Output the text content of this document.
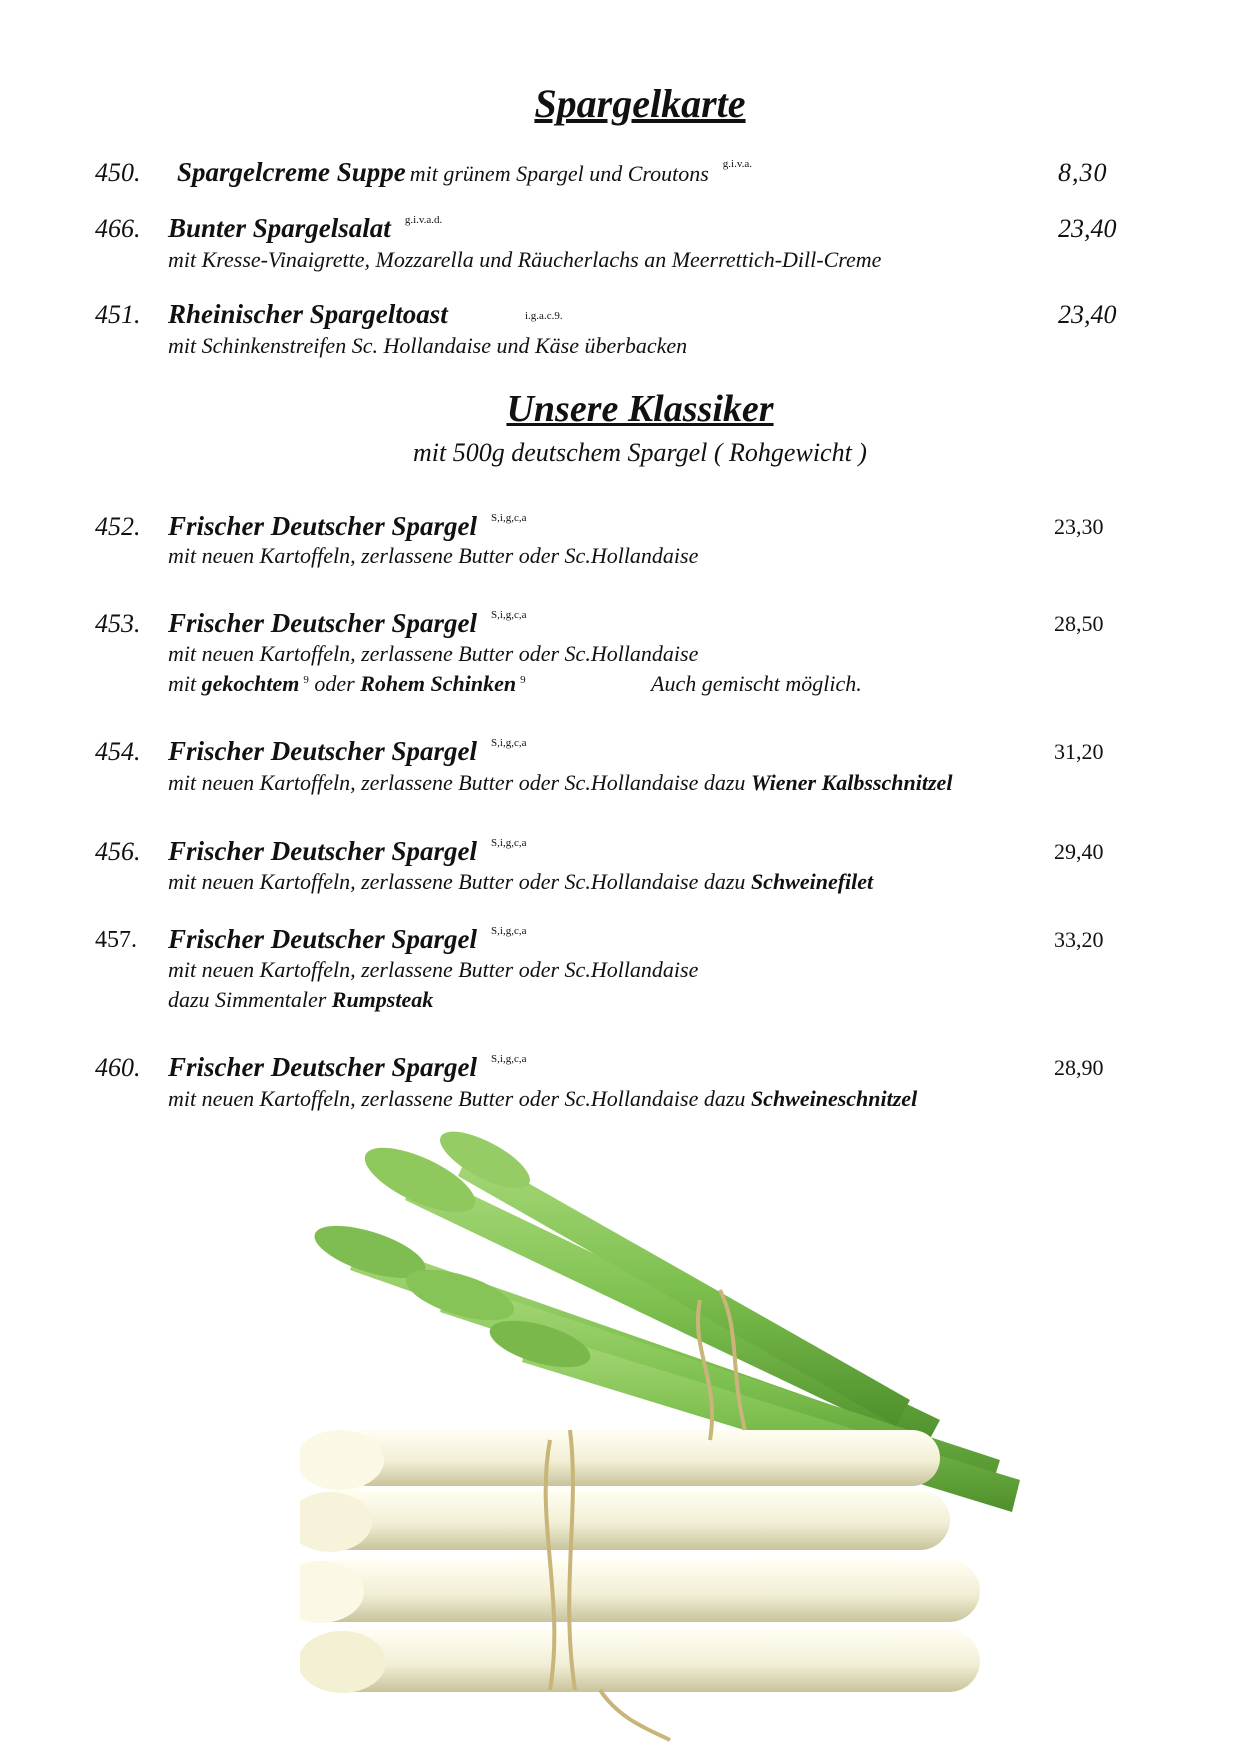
Spargelkarte
450. Spargelcreme Suppe mit grünem Spargel und Croutons $^{g.i.v.a.}$	8,30
466. Bunter Spargelsalat $^{g.i.v.a.d.}$	23,40
mit Kresse-Vinaigrette, Mozzarella und Räucherlachs an Meerrettich-Dill-Creme
451. Rheinischer Spargeltoast	$_{i.g.a.c.9.}$	23,40
mit Schinkenstreifen Sc. Hollandaise und Käse überbacken
Unsere Klassiker
mit 500g deutschem Spargel ( Rohgewicht )
452. Frischer Deutscher Spargel $^{S,i,g,c,a}$	23,30
mit neuen Kartoffeln, zerlassene Butter oder Sc.Hollandaise
453. Frischer Deutscher Spargel $^{S,i,g,c,a}$	28,50
mit neuen Kartoffeln, zerlassene Butter oder Sc.Hollandaise
mit gekochtem $^9$ oder Rohem Schinken $^9$	Auch gemischt möglich.
454. Frischer Deutscher Spargel $^{S,i,g,c,a}$	31,20
mit neuen Kartoffeln, zerlassene Butter oder Sc.Hollandaise dazu Wiener Kalbsschnitzel
456. Frischer Deutscher Spargel $^{S,i,g,c,a}$	29,40
mit neuen Kartoffeln, zerlassene Butter oder Sc.Hollandaise dazu Schweinefilet
457. Frischer Deutscher Spargel $^{S,i,g,c,a}$	33,20
mit neuen Kartoffeln, zerlassene Butter oder Sc.Hollandaise
dazu Simmentaler Rumpsteak
460. Frischer Deutscher Spargel $^{S,i,g,c,a}$	28,90
mit neuen Kartoffeln, zerlassene Butter oder Sc.Hollandaise dazu Schweineschnitzel
